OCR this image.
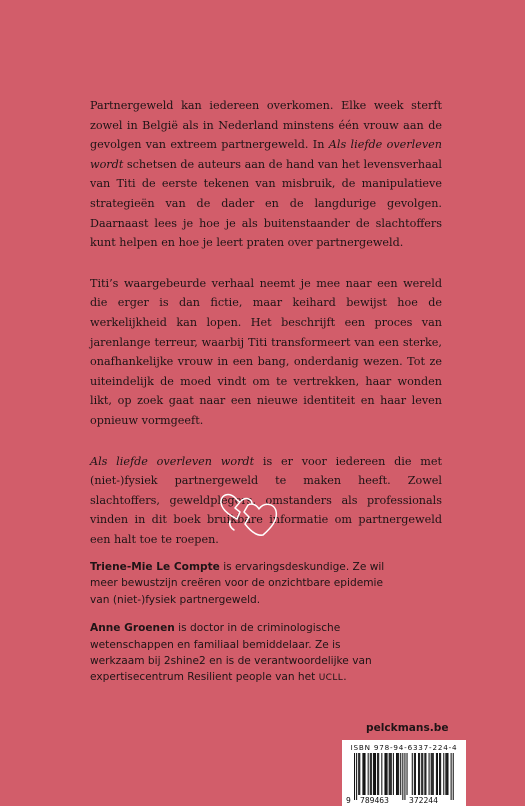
Partnergeweld kan iedereen overkomen. Elke week sterft zowel in België als in Nederland minstens één vrouw aan de gevolgen van extreem partnergeweld. In Als liefde overleven wordt schetsen de auteurs aan de hand van het levensverhaal van Titi de eerste tekenen van misbruik, de manipulatieve strategieën van de dader en de langdurige gevolgen. Daarnaast lees je hoe je als buitenstaander de slachtoffers kunt helpen en hoe je leert praten over partnergeweld.

Titi’s waargebeurde verhaal neemt je mee naar een wereld die erger is dan fictie, maar keihard bewijst hoe de werkelijkheid kan lopen. Het beschrijft een proces van jarenlange terreur, waarbij Titi transformeert van een sterke, onafhankelijke vrouw in een bang, onderdanig wezen. Tot ze uiteindelijk de moed vindt om te vertrekken, haar wonden likt, op zoek gaat naar een nieuwe identiteit en haar leven opnieuw vormgeeft.

Als liefde overleven wordt is er voor iedereen die met (niet-)fysiek partnergeweld te maken heeft. Zowel slachtoffers, geweldplegers, omstanders als professionals vinden in dit boek bruikbare informatie om partnergeweld een halt toe te roepen.

Triene-Mie Le Compte is ervaringsdeskundige. Ze wil meer bewustzijn creëren voor de onzichtbare epidemie van (niet-)fysiek partnergeweld.

Anne Groenen is doctor in de criminologische wetenschappen en familiaal bemiddelaar. Ze is werkzaam bij 2shine2 en is de verantwoordelijke van expertisecentrum Resilient people van het UCLL.

pelckmans.be
ISBN 978-94-6337-224-4
9 789463	372244
